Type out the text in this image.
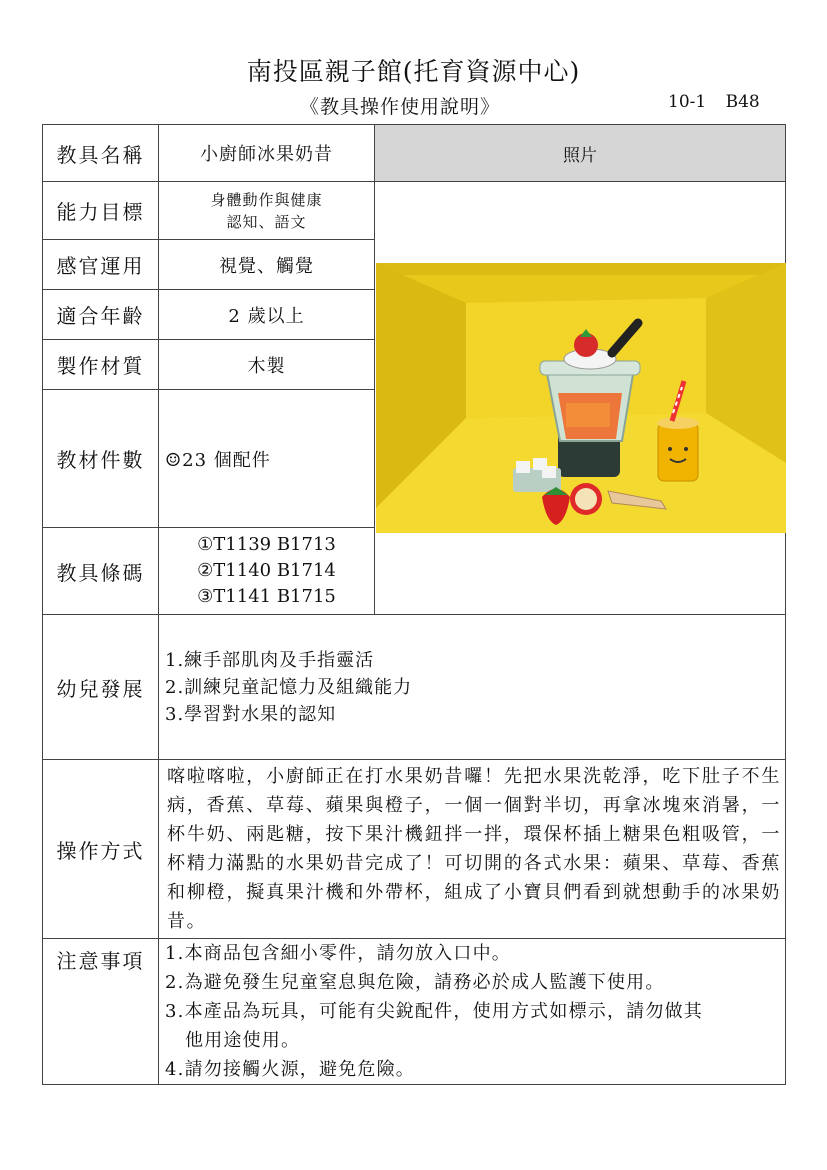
南投區親子館(托育資源中心)
《教具操作使用說明》	10-1 B48
教具名稱	小廚師冰果奶昔	照片	
能力目標	身體動作與健康
認知、語文

感官運用	視覺、觸覺		
適合年齡	2 歲以上		
製作材質	木製		
教材件數	☺23 個配件		
教具條碼	①T1139 B1713
②T1140 B1714
③T1141 B1715		

幼兒發展	1.練手部肌肉及手指靈活
2.訓練兒童記憶力及組織能力
3.學習對水果的認知		

操作方式	喀啦喀啦，小廚師正在打水果奶昔囉！先把水果洗乾淨，吃下肚子不生病，香蕉、草莓、蘋果與橙子，一個一個對半切，再拿冰塊來消暑，一杯牛奶、兩匙糖，按下果汁機鈕拌一拌，環保杯插上糖果色粗吸管，一杯精力滿點的水果奶昔完成了！可切開的各式水果：蘋果、草莓、香蕉和柳橙，擬真果汁機和外帶杯，組成了小寶貝們看到就想動手的冰果奶昔。		
注意事項	1.本商品包含細小零件，請勿放入口中。
2.為避免發生兒童窒息與危險，請務必於成人監護下使用。
3.本產品為玩具，可能有尖銳配件，使用方式如標示，請勿做其
他用途使用。
4.請勿接觸火源，避免危險。		
